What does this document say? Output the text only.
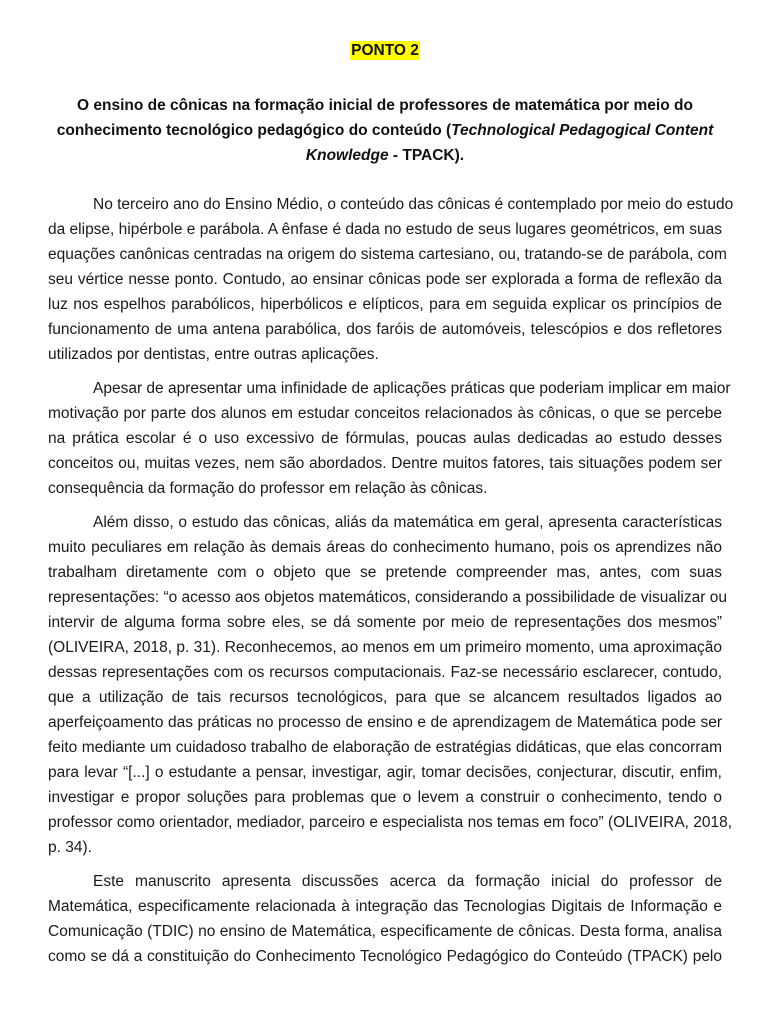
PONTO 2
O ensino de cônicas na formação inicial de professores de matemática por meio do
conhecimento tecnológico pedagógico do conteúdo (Technological Pedagogical Content
Knowledge - TPACK).

No terceiro ano do Ensino Médio, o conteúdo das cônicas é contemplado por meio do estudo
da elipse, hipérbole e parábola. A ênfase é dada no estudo de seus lugares geométricos, em suas
equações canônicas centradas na origem do sistema cartesiano, ou, tratando-se de parábola, com
seu vértice nesse ponto. Contudo, ao ensinar cônicas pode ser explorada a forma de reflexão da
luz nos espelhos parabólicos, hiperbólicos e elípticos, para em seguida explicar os princípios de
funcionamento de uma antena parabólica, dos faróis de automóveis, telescópios e dos refletores
utilizados por dentistas, entre outras aplicações.

Apesar de apresentar uma infinidade de aplicações práticas que poderiam implicar em maior
motivação por parte dos alunos em estudar conceitos relacionados às cônicas, o que se percebe
na prática escolar é o uso excessivo de fórmulas, poucas aulas dedicadas ao estudo desses
conceitos ou, muitas vezes, nem são abordados. Dentre muitos fatores, tais situações podem ser
consequência da formação do professor em relação às cônicas.

Além disso, o estudo das cônicas, aliás da matemática em geral, apresenta características
muito peculiares em relação às demais áreas do conhecimento humano, pois os aprendizes não
trabalham diretamente com o objeto que se pretende compreender mas, antes, com suas
representações: “o acesso aos objetos matemáticos, considerando a possibilidade de visualizar ou
intervir de alguma forma sobre eles, se dá somente por meio de representações dos mesmos”
(OLIVEIRA, 2018, p. 31). Reconhecemos, ao menos em um primeiro momento, uma aproximação
dessas representações com os recursos computacionais. Faz-se necessário esclarecer, contudo,
que a utilização de tais recursos tecnológicos, para que se alcancem resultados ligados ao
aperfeiçoamento das práticas no processo de ensino e de aprendizagem de Matemática pode ser
feito mediante um cuidadoso trabalho de elaboração de estratégias didáticas, que elas concorram
para levar “[...] o estudante a pensar, investigar, agir, tomar decisões, conjecturar, discutir, enfim,
investigar e propor soluções para problemas que o levem a construir o conhecimento, tendo o
professor como orientador, mediador, parceiro e especialista nos temas em foco” (OLIVEIRA, 2018,
p. 34).

Este manuscrito apresenta discussões acerca da formação inicial do professor de
Matemática, especificamente relacionada à integração das Tecnologias Digitais de Informação e
Comunicação (TDIC) no ensino de Matemática, especificamente de cônicas. Desta forma, analisa
como se dá a constituição do Conhecimento Tecnológico Pedagógico do Conteúdo (TPACK) pelo
